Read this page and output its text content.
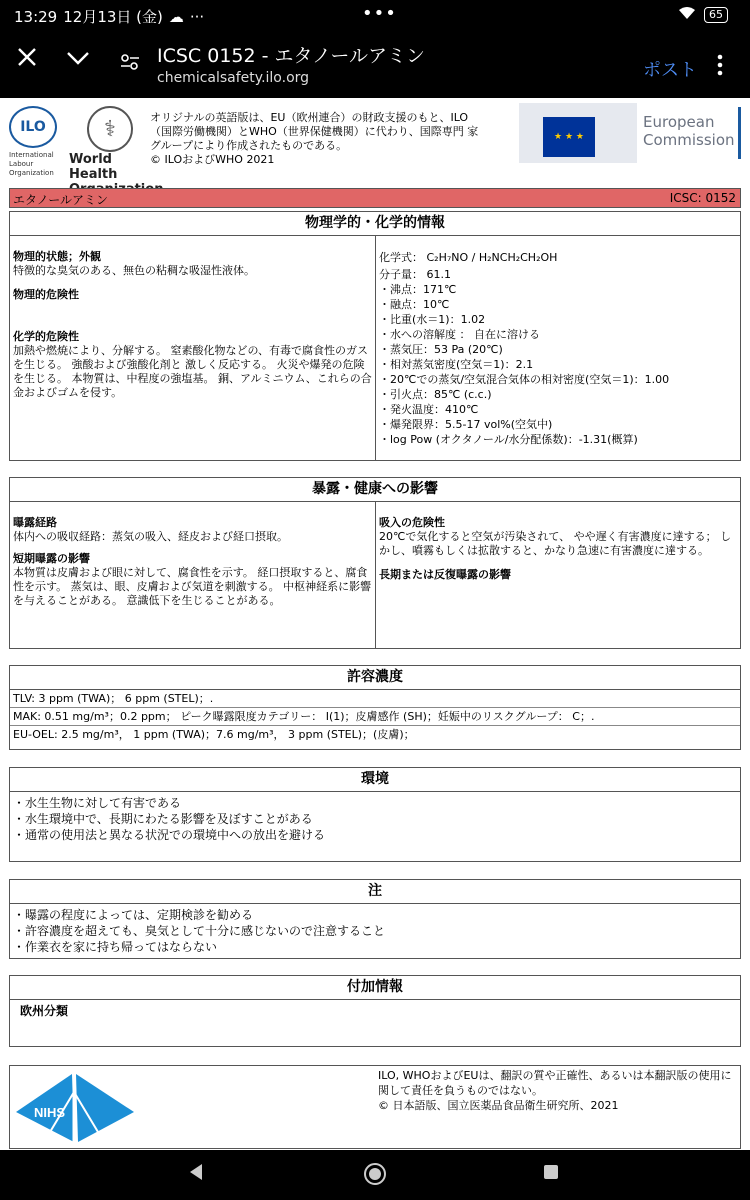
13:29 12月13日 (金) ☁ ···	•••	65
ICSC 0152 - エタノールアミン
chemicalsafety.ilo.org	ポスト
ILO
International Labour Organization
⚕
World Health
オリジナルの英語版は、EU（欧州連合）の財政支援のもと、ILO
（国際労働機関）とWHO（世界保健機関）に代わり、国際専門 家
グループにより作成されたものである。
© ILOおよびWHO 2021
★ ★ ★
European
Commission
エタノールアミン	ICSC: 0152
物理学的・化学的情報
物理的状態；外観
特徴的な臭気のある、無色の粘稠な吸湿性液体。
物理的危険性
化学的危険性
加熱や燃焼により、分解する。 窒素酸化物などの、有毒で腐食性のガスを生じる。 強酸および強酸化剤と 激しく反応する。 火災や爆発の危険を生じる。 本物質は、中程度の強塩基。 銅、アルミニウム、これらの合金およびゴムを侵す。
化学式： C₂H₇NO / H₂NCH₂CH₂OH
分子量： 61.1
・沸点：171℃
・融点：10℃
・比重(水＝1)：1.02
・水への溶解度 ： 自在に溶ける
・蒸気圧：53 Pa (20℃)
・相対蒸気密度(空気＝1)：2.1
・20℃での蒸気/空気混合気体の相対密度(空気＝1)：1.00
・引火点：85℃ (c.c.)
・発火温度：410℃
・爆発限界：5.5-17 vol%(空気中)
・log Pow (オクタノール/水分配係数)：-1.31(概算)
暴露・健康への影響
曝露経路
体内への吸収経路：蒸気の吸入、経皮および経口摂取。
短期曝露の影響
本物質は皮膚および眼に対して、腐食性を示す。 経口摂取すると、腐食性を示す。 蒸気は、眼、皮膚および気道を刺激する。 中枢神経系に影響を与えることがある。 意識低下を生じることがある。
吸入の危険性
20℃で気化すると空気が汚染されて、 やや遅く有害濃度に達する； しかし、噴霧もしくは拡散すると、かなり急速に有害濃度に達する。
長期または反復曝露の影響
許容濃度
TLV: 3 ppm (TWA)； 6 ppm (STEL)；.
MAK: 0.51 mg/m³；0.2 ppm； ピーク曝露限度カテゴリー： I(1)；皮膚感作 (SH)；妊娠中のリスクグループ： C；.
EU-OEL: 2.5 mg/m³， 1 ppm (TWA)；7.6 mg/m³， 3 ppm (STEL)；(皮膚)；
環境
・水生生物に対して有害である
・水生環境中で、長期にわたる影響を及ぼすことがある
・通常の使用法と異なる状況での環境中への放出を避ける
注
・曝露の程度によっては、定期検診を勧める
・許容濃度を超えても、臭気として十分に感じないので注意すること
・作業衣を家に持ち帰ってはならない
付加情報
欧州分類
NIHS
ILO, WHOおよびEUは、翻訳の質や正確性、あるいは本翻訳版の使用に関して責任を負うものではない。
© 日本語版、国立医薬品食品衛生研究所、2021
